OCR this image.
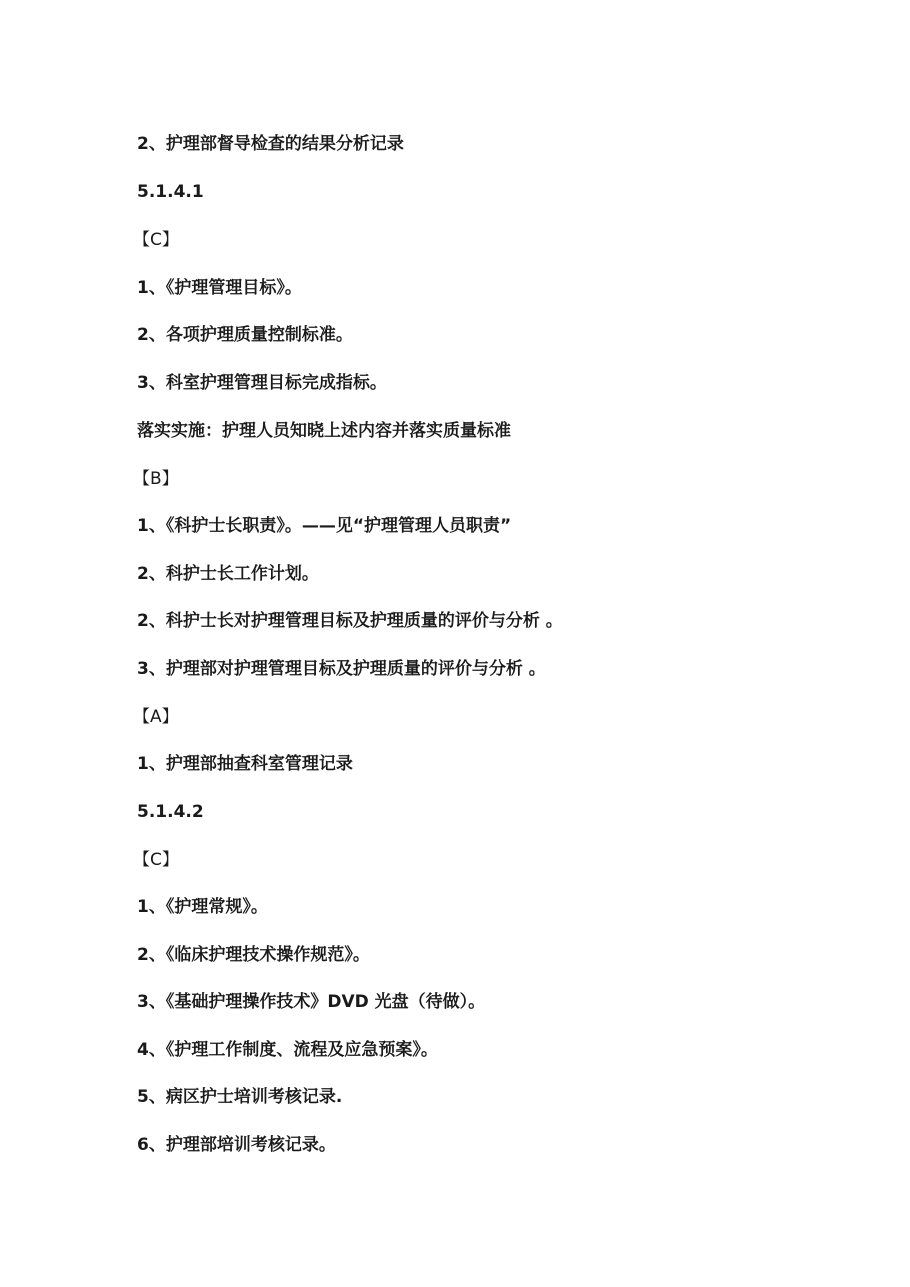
2、护理部督导检查的结果分析记录

5.1.4.1

【C】

1、《护理管理目标》。

2、各项护理质量控制标准。

3、科室护理管理目标完成指标。

落实实施：护理人员知晓上述内容并落实质量标准

【B】

1、《科护士长职责》。——见“护理管理人员职责”

2、科护士长工作计划。

2、科护士长对护理管理目标及护理质量的评价与分析 。

3、护理部对护理管理目标及护理质量的评价与分析 。

【A】

1、护理部抽查科室管理记录

5.1.4.2

【C】

1、《护理常规》。

2、《临床护理技术操作规范》。

3、《基础护理操作技术》DVD 光盘（待做）。

4、《护理工作制度、流程及应急预案》。

5、病区护士培训考核记录.

6、护理部培训考核记录。
